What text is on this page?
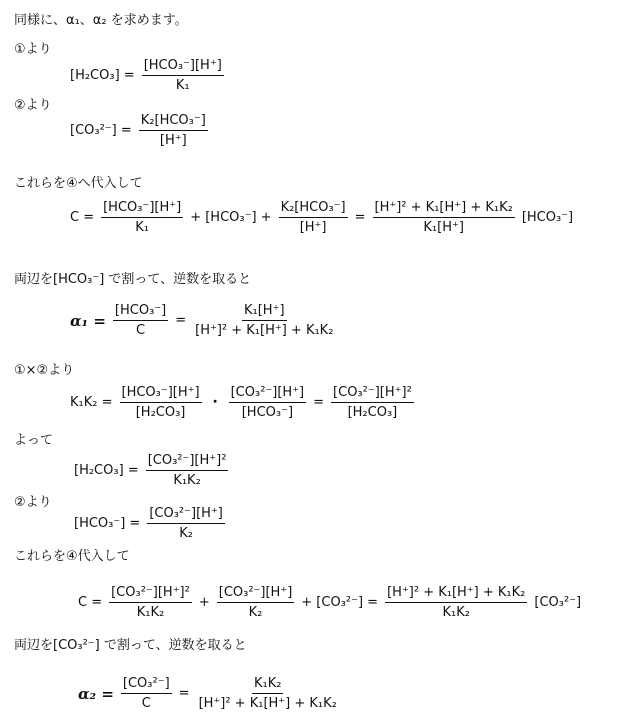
同様に、α₁、α₂ を求めます。
①より
$[H_2CO_3] = \frac{\text{[HCO₃⁻][H⁺]}}{\text{K₁}}$
②より
$[CO_3^{2-}] = \frac{\text{K₂[HCO₃⁻]}}{[H^+]}$
これらを④へ代入して
$C = \frac{\text{[HCO₃⁻][H⁺]}}{\text{K₁}} + [HCO_3^-] + \frac{\text{K₂[HCO₃⁻]}}{[H^+]} = \frac{\text{[H⁺]² + K₁[H⁺] + K₁K₂}}{\text{K₁[H⁺]}} [HCO_3^-]$
両辺を[HCO₃⁻] で割って、逆数を取ると
$\alpha_1 = \frac{\text{[HCO₃⁻]}}{C} = \frac{\text{K₁[H⁺]}}{\text{[H⁺]² + K₁[H⁺] + K₁K₂}}$
①×②より
$K_1K_2 = \frac{\text{[HCO₃⁻][H⁺]}}{\text{[H₂CO₃]}}$ ・ $\frac{\text{[CO₃²⁻][H⁺]}}{\text{[HCO₃⁻]}} = \frac{\text{[CO₃²⁻][H⁺]²}}{\text{[H₂CO₃]}}$
よって
$[H_2CO_3] = \frac{\text{[CO₃²⁻][H⁺]²}}{\text{K₁K₂}}$
②より
$[HCO_3^-] = \frac{\text{[CO₃²⁻][H⁺]}}{\text{K₂}}$
これらを④代入して
$C = \frac{\text{[CO₃²⁻][H⁺]²}}{\text{K₁K₂}} + \frac{\text{[CO₃²⁻][H⁺]}}{\text{K₂}} + [CO_3^{2-}] = \frac{\text{[H⁺]² + K₁[H⁺] + K₁K₂}}{\text{K₁K₂}} [CO_3^{2-}]$
両辺を[CO₃²⁻] で割って、逆数を取ると
$\alpha_2 = \frac{\text{[CO₃²⁻]}}{C} = \frac{\text{K₁K₂}}{\text{[H⁺]² + K₁[H⁺] + K₁K₂}}$
